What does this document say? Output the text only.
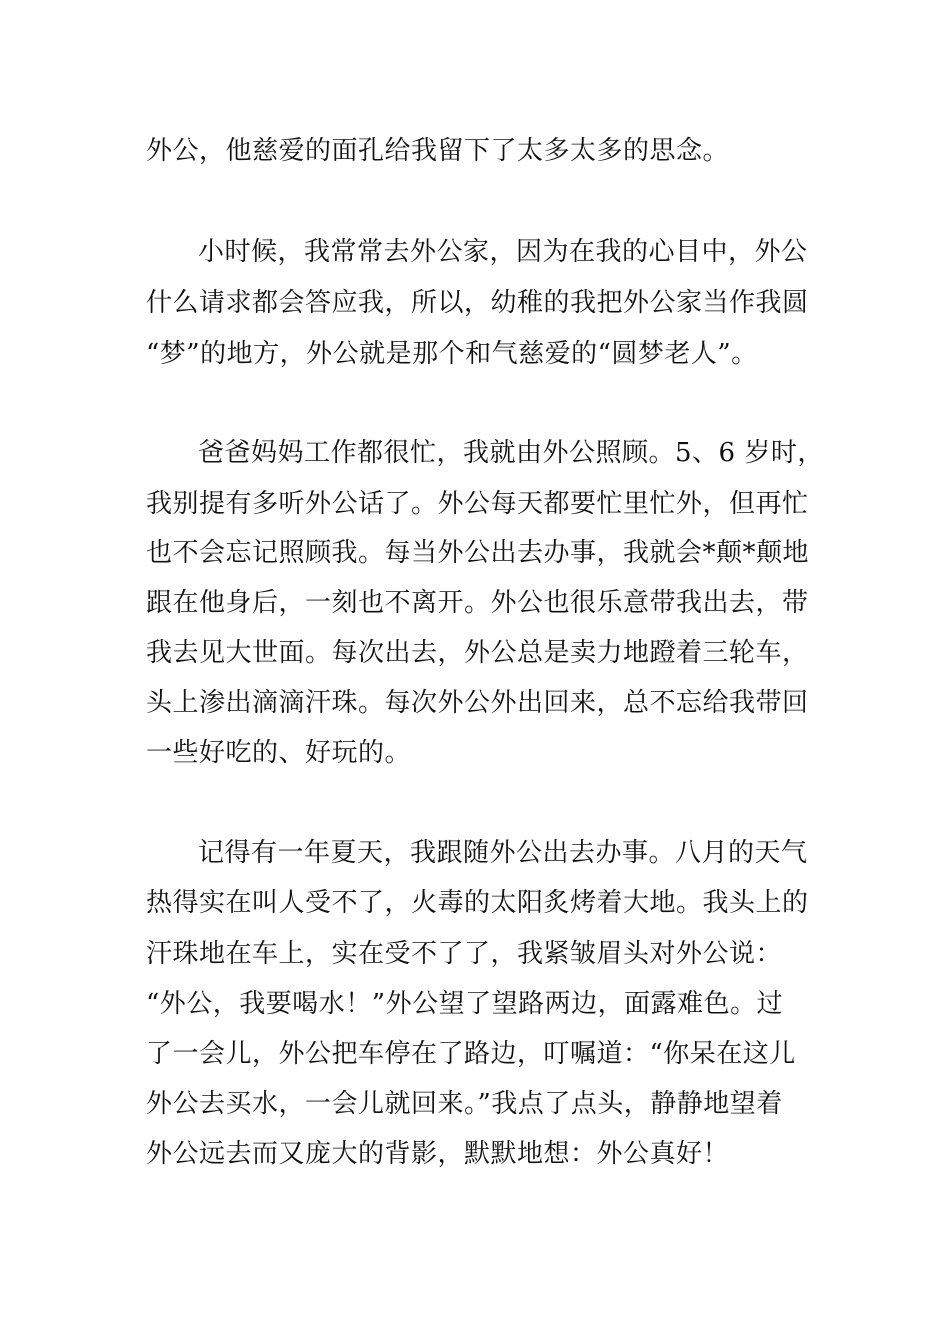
外公，他慈爱的面孔给我留下了太多太多的思念。
小时候，我常常去外公家，因为在我的心目中，外公
什么请求都会答应我，所以，幼稚的我把外公家当作我圆
“梦”的地方，外公就是那个和气慈爱的“圆梦老人”。
爸爸妈妈工作都很忙，我就由外公照顾。5、6 岁时，
我别提有多听外公话了。外公每天都要忙里忙外，但再忙
也不会忘记照顾我。每当外公出去办事，我就会*颠*颠地
跟在他身后，一刻也不离开。外公也很乐意带我出去，带
我去见大世面。每次出去，外公总是卖力地蹬着三轮车，
头上渗出滴滴汗珠。每次外公外出回来，总不忘给我带回
一些好吃的、好玩的。
记得有一年夏天，我跟随外公出去办事。八月的天气
热得实在叫人受不了，火毒的太阳炙烤着大地。我头上的
汗珠地在车上，实在受不了了，我紧皱眉头对外公说：
“外公，我要喝水！”外公望了望路两边，面露难色。过
了一会儿，外公把车停在了路边，叮嘱道：“你呆在这儿
外公去买水，一会儿就回来。”我点了点头，静静地望着
外公远去而又庞大的背影，默默地想：外公真好！
